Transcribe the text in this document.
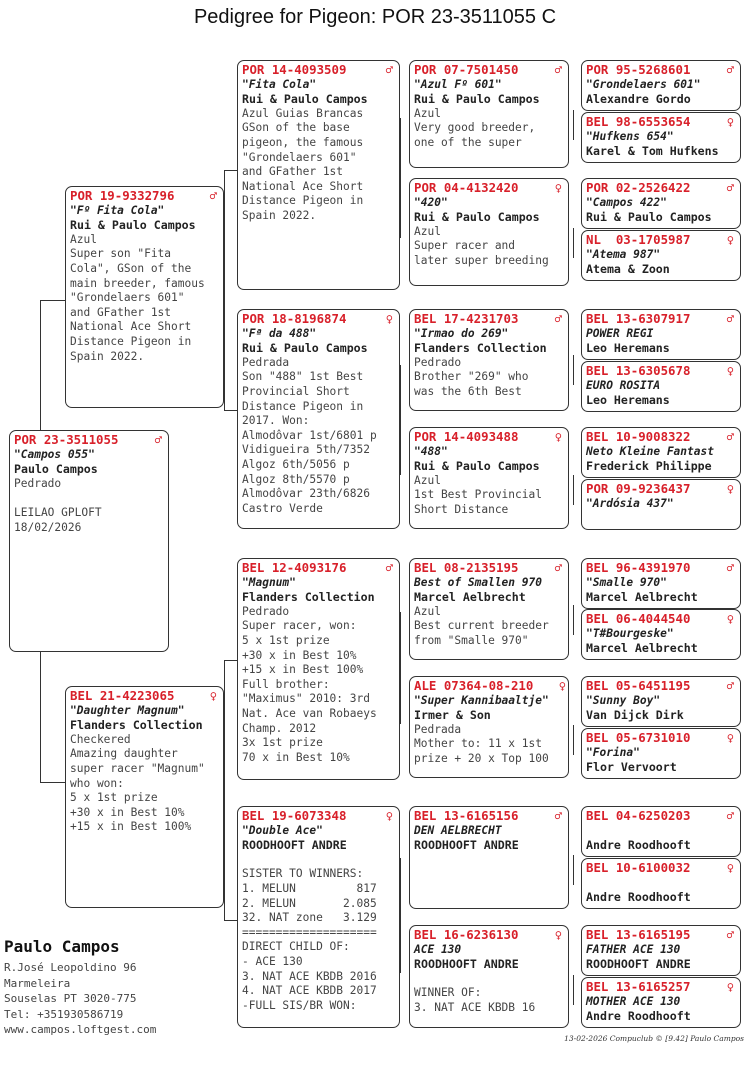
Pedigree for Pigeon: POR 23-3511055 C
POR 23-3511055	♂
"Campos 055"
Paulo Campos
Pedrado

LEILAO GPLOFT
18/02/2026
POR 19-9332796	♂
"Fº Fita Cola"
Rui & Paulo Campos
Azul
Super son "Fita
Cola", GSon of the
main breeder, famous
"Grondelaers 601"
and GFather 1st
National Ace Short
Distance Pigeon in
Spain 2022.
BEL 21-4223065	♀
"Daughter Magnum"
Flanders Collection
Checkered
Amazing daughter
super racer "Magnum"
who won:
5 x 1st prize
+30 x in Best 10%
+15 x in Best 100%
POR 14-4093509	♂
"Fita Cola"
Rui & Paulo Campos
Azul Guias Brancas
GSon of the base
pigeon, the famous
"Grondelaers 601"
and GFather 1st
National Ace Short
Distance Pigeon in
Spain 2022.
POR 18-8196874	♀
"Fª da 488"
Rui & Paulo Campos
Pedrada
Son "488" 1st Best
Provincial Short
Distance Pigeon in
2017. Won:
Almodôvar 1st/6801 p
Vidigueira 5th/7352
Algoz 6th/5056 p
Algoz 8th/5570 p
Almodôvar 23th/6826
Castro Verde
BEL 12-4093176	♂
"Magnum"
Flanders Collection
Pedrado
Super racer, won:
5 x 1st prize
+30 x in Best 10%
+15 x in Best 100%
Full brother:
"Maximus" 2010: 3rd
Nat. Ace van Robaeys
Champ. 2012
3x 1st prize
70 x in Best 10%
BEL 19-6073348	♀
"Double Ace"
ROODHOOFT ANDRE

SISTER TO WINNERS:
1. MELUN         817
2. MELUN       2.085
32. NAT zone   3.129
====================
DIRECT CHILD OF:
- ACE 130
3. NAT ACE KBDB 2016
4. NAT ACE KBDB 2017
-FULL SIS/BR WON:
POR 07-7501450	♂
"Azul Fº 601"
Rui & Paulo Campos
Azul
Very good breeder,
one of the super
POR 04-4132420	♀
"420"
Rui & Paulo Campos
Azul
Super racer and
later super breeding
BEL 17-4231703	♂
"Irmao do 269"
Flanders Collection
Pedrado
Brother "269" who
was the 6th Best
POR 14-4093488	♀
"488"
Rui & Paulo Campos
Azul
1st Best Provincial
Short Distance
BEL 08-2135195	♂
Best of Smallen 970
Marcel Aelbrecht
Azul
Best current breeder
from "Smalle 970"
ALE 07364-08-210	♀
"Super Kannibaaltje"
Irmer & Son
Pedrada
Mother to: 11 x 1st
prize + 20 x Top 100
BEL 13-6165156	♂
DEN AELBRECHT
ROODHOOFT ANDRE
BEL 16-6236130	♀
ACE 130
ROODHOOFT ANDRE

WINNER OF:
3. NAT ACE KBDB 16
POR 95-5268601	♂
"Grondelaers 601"
Alexandre Gordo
BEL 98-6553654	♀
"Hufkens 654"
Karel & Tom Hufkens
POR 02-2526422	♂
"Campos 422"
Rui & Paulo Campos
NL  03-1705987	♀
"Atema 987"
Atema & Zoon
BEL 13-6307917	♂
POWER REGI
Leo Heremans
BEL 13-6305678	♀
EURO ROSITA
Leo Heremans
BEL 10-9008322	♂
Neto Kleine Fantast
Frederick Philippe
POR 09-9236437	♀
"Ardósia 437"
BEL 96-4391970	♂
"Smalle 970"
Marcel Aelbrecht
BEL 06-4044540	♀
"T#Bourgeske"
Marcel Aelbrecht
BEL 05-6451195	♂
"Sunny Boy"
Van Dijck Dirk
BEL 05-6731010	♀
"Forina"
Flor Vervoort
BEL 04-6250203	♂
Andre Roodhooft
BEL 10-6100032	♀
Andre Roodhooft
BEL 13-6165195	♂
FATHER ACE 130
ROODHOOFT ANDRE
BEL 13-6165257	♀
MOTHER ACE 130
Andre Roodhooft
Paulo Campos
R.José Leopoldino 96
Marmeleira
Souselas PT 3020-775
Tel: +351930586719
www.campos.loftgest.com
13-02-2026 Compuclub © [9.42] Paulo Campos
